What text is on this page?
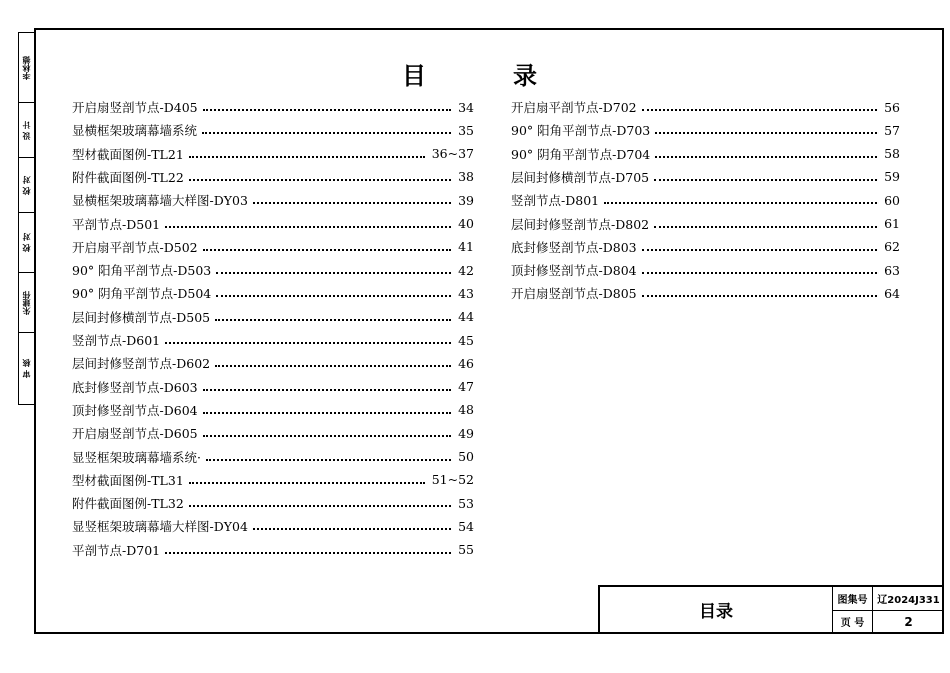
李林德
设 计
校 对
校 对
朱建伟
审 核
目	录
开启扇竖剖节点-D405	34
显横框架玻璃幕墙系统	35
型材截面图例-TL21	36~37
附件截面图例-TL22	38
显横框架玻璃幕墙大样图-DY03	39
平剖节点-D501	40
开启扇平剖节点-D502	41
90° 阳角平剖节点-D503	42
90° 阴角平剖节点-D504	43
层间封修横剖节点-D505	44
竖剖节点-D601	45
层间封修竖剖节点-D602	46
底封修竖剖节点-D603	47
顶封修竖剖节点-D604	48
开启扇竖剖节点-D605	49
显竖框架玻璃幕墙系统·	50
型材截面图例-TL31	51~52
附件截面图例-TL32	53
显竖框架玻璃幕墙大样图-DY04	54
平剖节点-D701	55
开启扇平剖节点-D702	56
90° 阳角平剖节点-D703	57
90° 阴角平剖节点-D704	58
层间封修横剖节点-D705	59
竖剖节点-D801	60
层间封修竖剖节点-D802	61
底封修竖剖节点-D803	62
顶封修竖剖节点-D804	63
开启扇竖剖节点-D805	64
目录
图集号 辽2024J331
页 号	2
